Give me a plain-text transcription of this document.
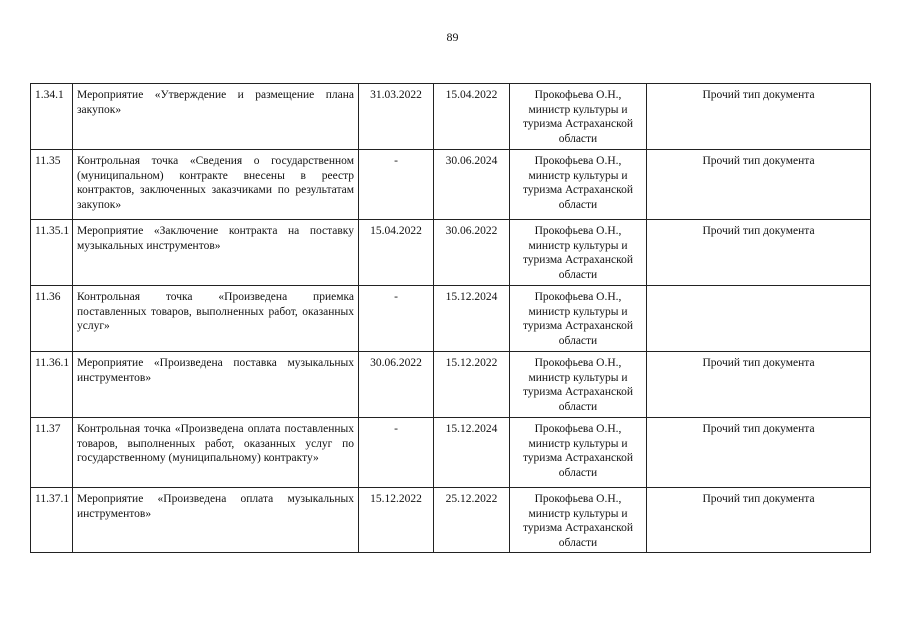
89
1.34.1	Мероприятие «Утверждение и размещение плана закупок»	31.03.2022	15.04.2022	Прокофьева О.Н., министр культуры и туризма Астраханской области	Прочий тип документа
11.35	Контрольная точка «Сведения о государственном (муниципальном) контракте внесены в реестр контрактов, заключенных заказчиками по результатам закупок»	-	30.06.2024	Прокофьева О.Н., министр культуры и туризма Астраханской области	Прочий тип документа
11.35.1	Мероприятие «Заключение контракта на поставку музыкальных инструментов»	15.04.2022	30.06.2022	Прокофьева О.Н., министр культуры и туризма Астраханской области	Прочий тип документа
11.36	Контрольная точка «Произведена приемка поставленных товаров, выполненных работ, оказанных услуг»	-	15.12.2024	Прокофьева О.Н., министр культуры и туризма Астраханской области	
11.36.1	Мероприятие «Произведена поставка музыкальных инструментов»	30.06.2022	15.12.2022	Прокофьева О.Н., министр культуры и туризма Астраханской области	Прочий тип документа
11.37	Контрольная точка «Произведена оплата поставленных товаров, выполненных работ, оказанных услуг по государственному (муниципальному) контракту»	-	15.12.2024	Прокофьева О.Н., министр культуры и туризма Астраханской области	Прочий тип документа
11.37.1	Мероприятие «Произведена оплата музыкальных инструментов»	15.12.2022	25.12.2022	Прокофьева О.Н., министр культуры и туризма Астраханской области	Прочий тип документа
